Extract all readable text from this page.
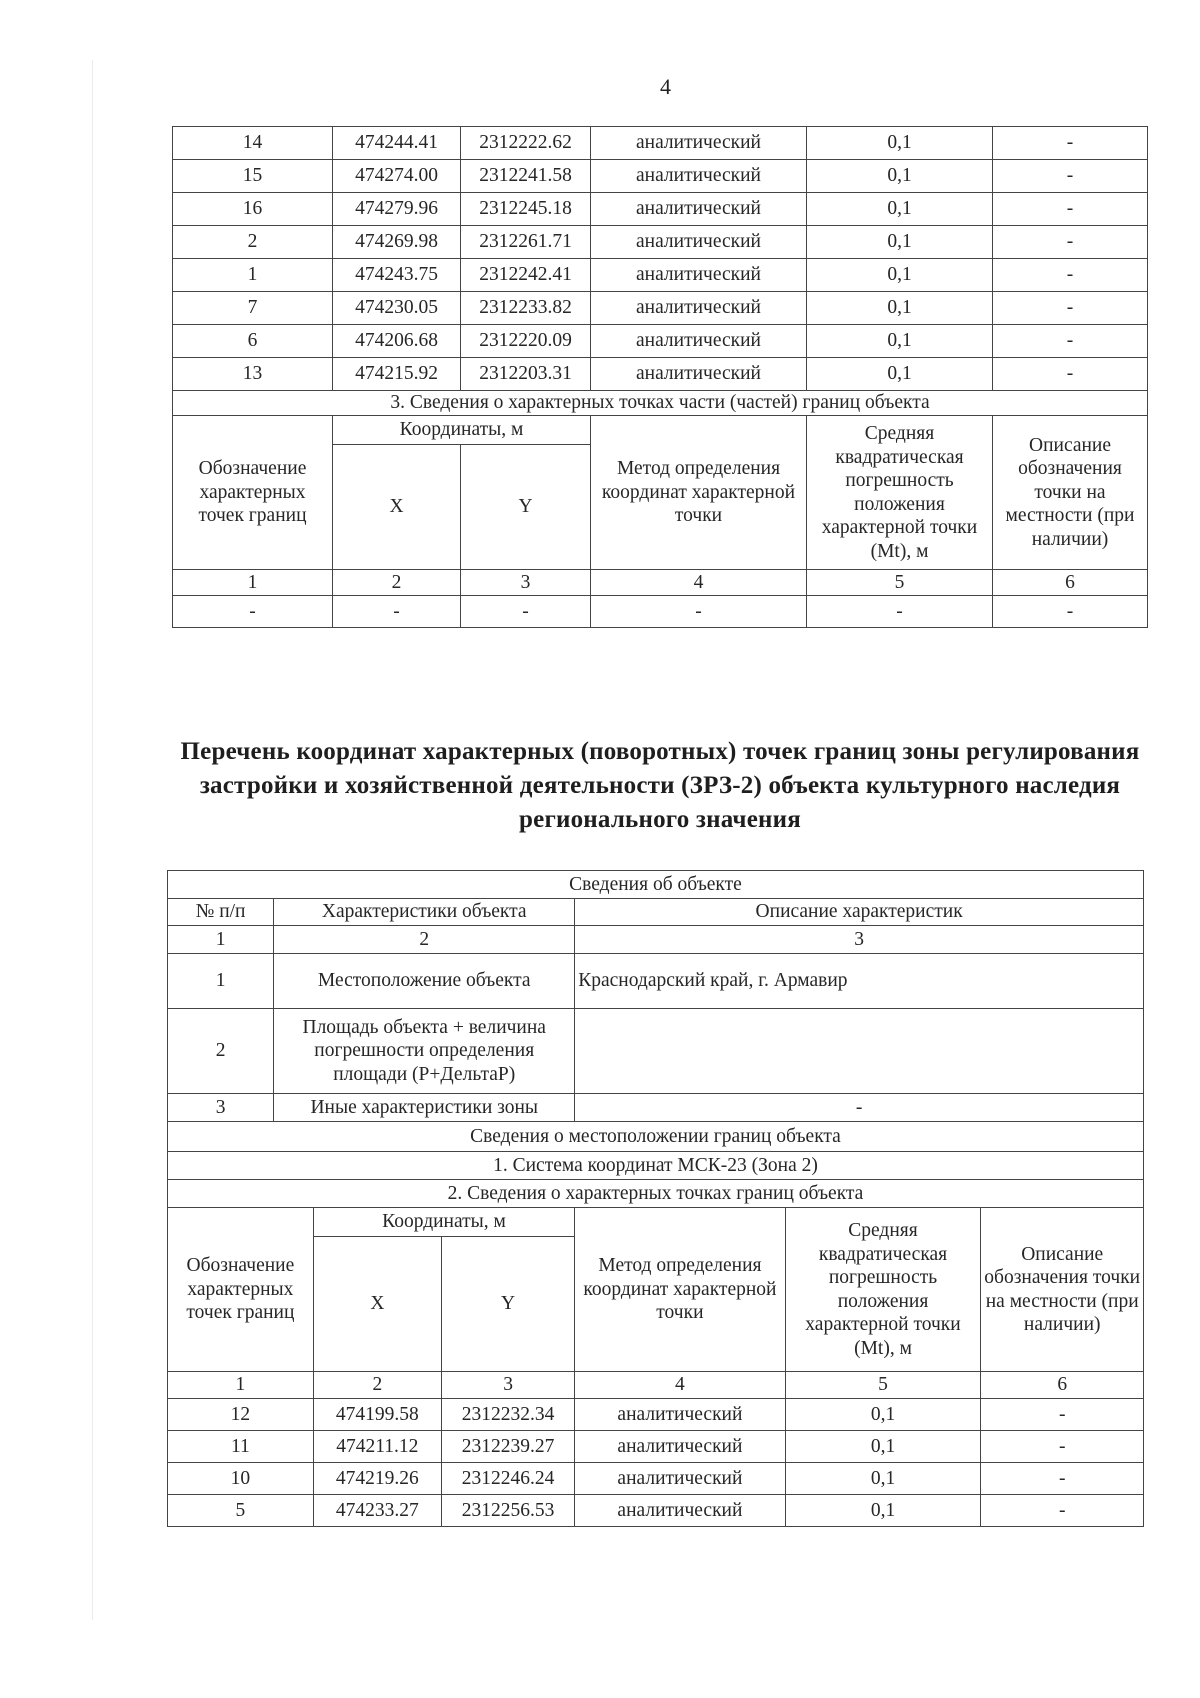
4
14	474244.41	2312222.62	аналитический	0,1	-
15	474274.00	2312241.58	аналитический	0,1	-
16	474279.96	2312245.18	аналитический	0,1	-
2	474269.98	2312261.71	аналитический	0,1	-
1	474243.75	2312242.41	аналитический	0,1	-
7	474230.05	2312233.82	аналитический	0,1	-
6	474206.68	2312220.09	аналитический	0,1	-
13	474215.92	2312203.31	аналитический	0,1	-
3. Сведения о характерных точках части (частей) границ объекта					
Обозначение характерных точек границ	Координаты, м		Метод определения координат характерной точки	Средняя квадратическая погрешность положения характерной точки (Mt), м	Описание обозначения точки на местности (при наличии)
	X	Y			
1	2	3	4	5	6
-	-	-	-	-	-
Перечень координат характерных (поворотных) точек границ зоны регулирования застройки и хозяйственной деятельности (ЗРЗ-2) объекта культурного наследия регионального значения
Сведения об объекте						
№ п/п	Характеристики объекта			Описание характеристик		
1	2			3		
1	Местоположение объекта			Краснодарский край, г. Армавир		
2	Площадь объекта + величина погрешности определения площади (Р+ДельтаР)					
3	Иные характеристики зоны			-		
Сведения о местоположении границ объекта						
1. Система координат МСК-23 (Зона 2)						
2. Сведения о характерных точках границ объекта						
Обозначение характерных точек границ		Координаты, м		Метод определения координат характерной точки	Средняя квадратическая погрешность положения характерной точки (Mt), м	Описание обозначения точки на местности (при наличии)
		X	Y			
1		2	3	4	5	6
12		474199.58	2312232.34	аналитический	0,1	-
11		474211.12	2312239.27	аналитический	0,1	-
10		474219.26	2312246.24	аналитический	0,1	-
5		474233.27	2312256.53	аналитический	0,1	-
